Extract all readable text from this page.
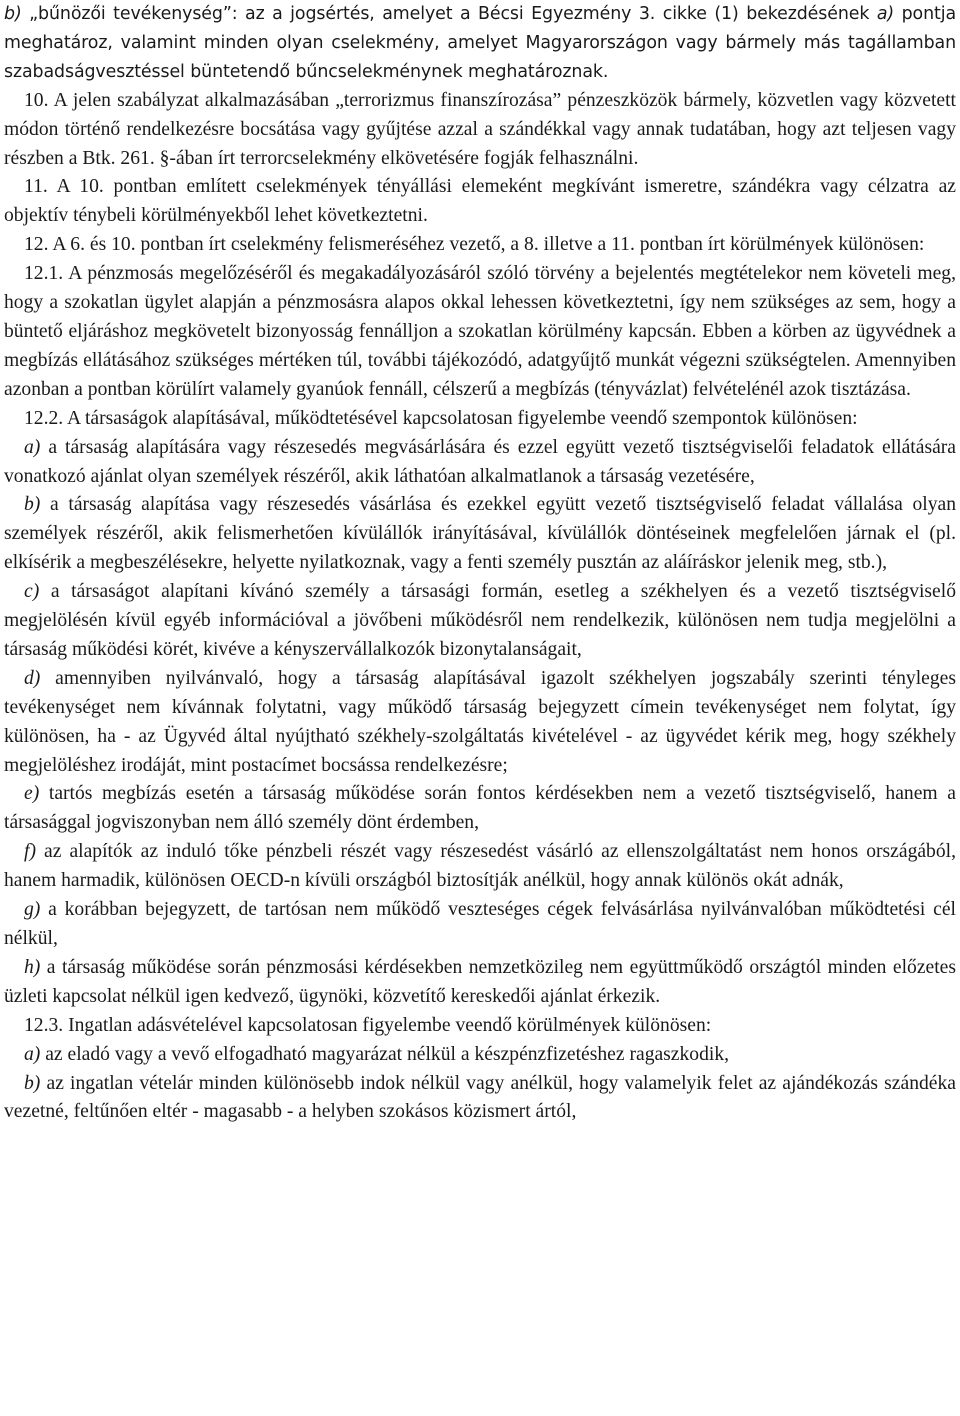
b) „bűnözői tevékenység”: az a jogsértés, amelyet a Bécsi Egyezmény 3. cikke (1) bekezdésének a) pontja meghatároz, valamint minden olyan cselekmény, amelyet Magyarországon vagy bármely más tagállamban szabadságvesztéssel büntetendő bűncselekménynek meghatároznak.

10. A jelen szabályzat alkalmazásában „terrorizmus finanszírozása” pénzeszközök bármely, közvetlen vagy közvetett módon történő rendelkezésre bocsátása vagy gyűjtése azzal a szándékkal vagy annak tudatában, hogy azt teljesen vagy részben a Btk. 261. §-ában írt terrorcselekmény elkövetésére fogják felhasználni.

11. A 10. pontban említett cselekmények tényállási elemeként megkívánt ismeretre, szándékra vagy célzatra az objektív ténybeli körülményekből lehet következtetni.

12. A 6. és 10. pontban írt cselekmény felismeréséhez vezető, a 8. illetve a 11. pontban írt körülmények különösen:

12.1. A pénzmosás megelőzéséről és megakadályozásáról szóló törvény a bejelentés megtételekor nem követeli meg, hogy a szokatlan ügylet alapján a pénzmosásra alapos okkal lehessen következtetni, így nem szükséges az sem, hogy a büntető eljáráshoz megkövetelt bizonyosság fennálljon a szokatlan körülmény kapcsán. Ebben a körben az ügyvédnek a megbízás ellátásához szükséges mértéken túl, további tájékozódó, adatgyűjtő munkát végezni szükségtelen. Amennyiben azonban a pontban körülírt valamely gyanúok fennáll, célszerű a megbízás (tényvázlat) felvételénél azok tisztázása.

12.2. A társaságok alapításával, működtetésével kapcsolatosan figyelembe veendő szempontok különösen:

a) a társaság alapítására vagy részesedés megvásárlására és ezzel együtt vezető tisztségviselői feladatok ellátására vonatkozó ajánlat olyan személyek részéről, akik láthatóan alkalmatlanok a társaság vezetésére,

b) a társaság alapítása vagy részesedés vásárlása és ezekkel együtt vezető tisztségviselő feladat vállalása olyan személyek részéről, akik felismerhetően kívülállók irányításával, kívülállók döntéseinek megfelelően járnak el (pl. elkísérik a megbeszélésekre, helyette nyilatkoznak, vagy a fenti személy pusztán az aláíráskor jelenik meg, stb.),

c) a társaságot alapítani kívánó személy a társasági formán, esetleg a székhelyen és a vezető tisztségviselő megjelölésén kívül egyéb információval a jövőbeni működésről nem rendelkezik, különösen nem tudja megjelölni a társaság működési körét, kivéve a kényszervállalkozók bizonytalanságait,

d) amennyiben nyilvánvaló, hogy a társaság alapításával igazolt székhelyen jogszabály szerinti tényleges tevékenységet nem kívánnak folytatni, vagy működő társaság bejegyzett címein tevékenységet nem folytat, így különösen, ha - az Ügyvéd által nyújtható székhely-szolgáltatás kivételével - az ügyvédet kérik meg, hogy székhely megjelöléshez irodáját, mint postacímet bocsássa rendelkezésre;

e) tartós megbízás esetén a társaság működése során fontos kérdésekben nem a vezető tisztségviselő, hanem a társasággal jogviszonyban nem álló személy dönt érdemben,

f) az alapítók az induló tőke pénzbeli részét vagy részesedést vásárló az ellenszolgáltatást nem honos országából, hanem harmadik, különösen OECD-n kívüli országból biztosítják anélkül, hogy annak különös okát adnák,

g) a korábban bejegyzett, de tartósan nem működő veszteséges cégek felvásárlása nyilvánvalóban működtetési cél nélkül,

h) a társaság működése során pénzmosási kérdésekben nemzetközileg nem együttműködő országtól minden előzetes üzleti kapcsolat nélkül igen kedvező, ügynöki, közvetítő kereskedői ajánlat érkezik.

12.3. Ingatlan adásvételével kapcsolatosan figyelembe veendő körülmények különösen:

a) az eladó vagy a vevő elfogadható magyarázat nélkül a készpénzfizetéshez ragaszkodik,

b) az ingatlan vételár minden különösebb indok nélkül vagy anélkül, hogy valamelyik felet az ajándékozás szándéka vezetné, feltűnően eltér - magasabb - a helyben szokásos közismert ártól,
